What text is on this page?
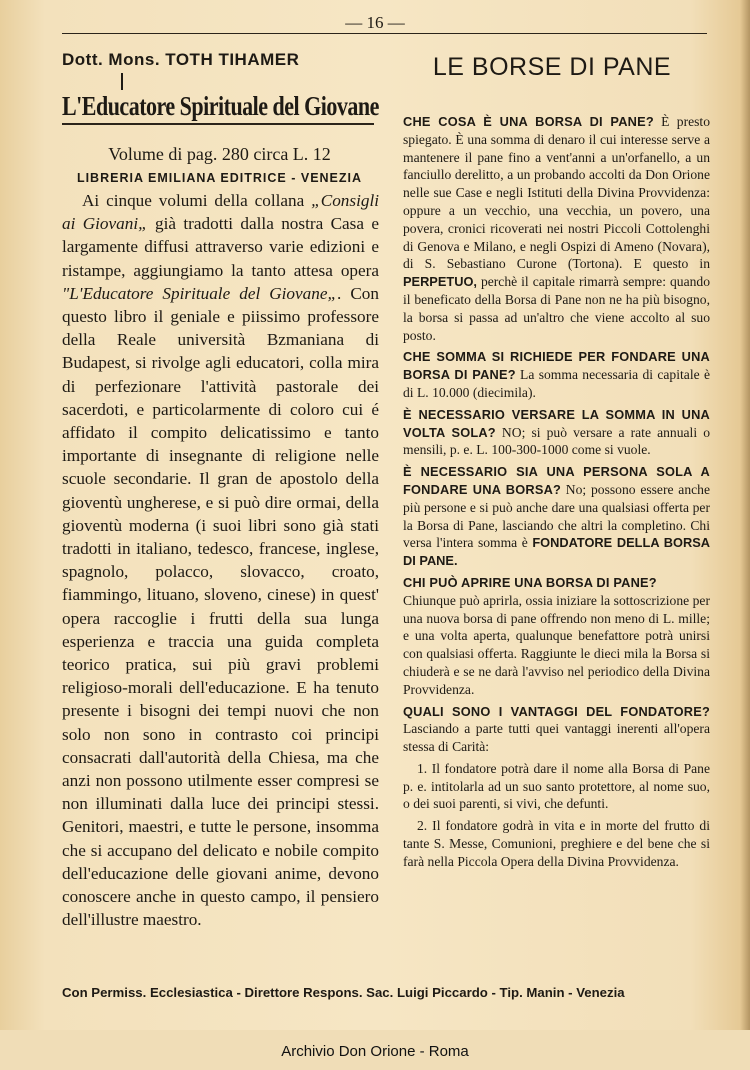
— 16 —
Dott. Mons. TOTH TIHAMER
L'Educatore Spirituale del Giovane
Volume di pag. 280 circa L. 12
LIBRERIA EMILIANA EDITRICE - VENEZIA

Ai cinque volumi della collana „Consigli ai Giovani„ già tradotti dalla nostra Casa e largamente diffusi attraverso varie edizioni e ristampe, aggiungiamo la tanto attesa opera "L'Educatore Spirituale del Giovane„. Con questo libro il geniale e piissimo professore della Reale università Bzmaniana di Budapest, si rivolge agli educatori, colla mira di perfezionare l'attività pastorale dei sacerdoti, e particolarmente di coloro cui é affidato il compito delicatissimo e tanto importante di insegnante di religione nelle scuole secondarie. Il gran de apostolo della gioventù ungherese, e si può dire ormai, della gioventù moderna (i suoi libri sono già stati tradotti in italiano, tedesco, francese, inglese, spagnolo, polacco, slovacco, croato, fiammingo, lituano, sloveno, cinese) in quest' opera raccoglie i frutti della sua lunga esperienza e traccia una guida completa teorico pratica, sui più gravi problemi religioso-morali dell'educazione. E ha tenuto presente i bisogni dei tempi nuovi che non solo non sono in contrasto coi principi consacrati dall'autorità della Chiesa, ma che anzi non possono utilmente esser compresi se non illuminati dalla luce dei principi stessi. Genitori, maestri, e tutte le persone, insomma che si accupano del delicato e nobile compito dell'educazione delle giovani anime, devono conoscere anche in questo campo, il pensiero dell'illustre maestro.

LE BORSE DI PANE

CHE COSA È UNA BORSA DI PANE? È presto spiegato. È una somma di denaro il cui interesse serve a mantenere il pane fino a vent'anni a un'orfanello, a un fanciullo derelitto, a un probando accolti da Don Orione nelle sue Case e negli Istituti della Divina Provvidenza: oppure a un vecchio, una vecchia, un povero, una povera, cronici ricoverati nei nostri Piccoli Cottolenghi di Genova e Milano, e negli Ospizi di Ameno (Novara), di S. Sebastiano Curone (Tortona). E questo in PERPETUO, perchè il capitale rimarrà sempre: quando il beneficato della Borsa di Pane non ne ha più bisogno, la borsa si passa ad un'altro che viene accolto al suo posto.

CHE SOMMA SI RICHIEDE PER FONDARE UNA BORSA DI PANE? La somma necessaria di capitale è di L. 10.000 (diecimila).

È NECESSARIO VERSARE LA SOMMA IN UNA VOLTA SOLA? NO; si può versare a rate annuali o mensili, p. e. L. 100-300-1000 come si vuole.

È NECESSARIO SIA UNA PERSONA SOLA A FONDARE UNA BORSA? No; possono essere anche più persone e si può anche dare una qualsiasi offerta per la Borsa di Pane, lasciando che altri la completino. Chi versa l'intera somma è FONDATORE DELLA BORSA DI PANE.

CHI PUÒ APRIRE UNA BORSA DI PANE?
Chiunque può aprirla, ossia iniziare la sottoscrizione per una nuova borsa di pane offrendo non meno di L. mille; e una volta aperta, qualunque benefattore potrà unirsi con qualsiasi offerta. Raggiunte le dieci mila la Borsa si chiuderà e se ne darà l'avviso nel periodico della Divina Provvidenza.

QUALI SONO I VANTAGGI DEL FONDATORE? Lasciando a parte tutti quei vantaggi inerenti all'opera stessa di Carità:

1. Il fondatore potrà dare il nome alla Borsa di Pane p. e. intitolarla ad un suo santo protettore, al nome suo, o dei suoi parenti, si vivi, che defunti.

2. Il fondatore godrà in vita e in morte del frutto di tante S. Messe, Comunioni, preghiere e del bene che si farà nella Piccola Opera della Divina Provvidenza.

Con Permiss. Ecclesiastica - Direttore Respons. Sac. Luigi Piccardo - Tip. Manin - Venezia
Archivio Don Orione - Roma
